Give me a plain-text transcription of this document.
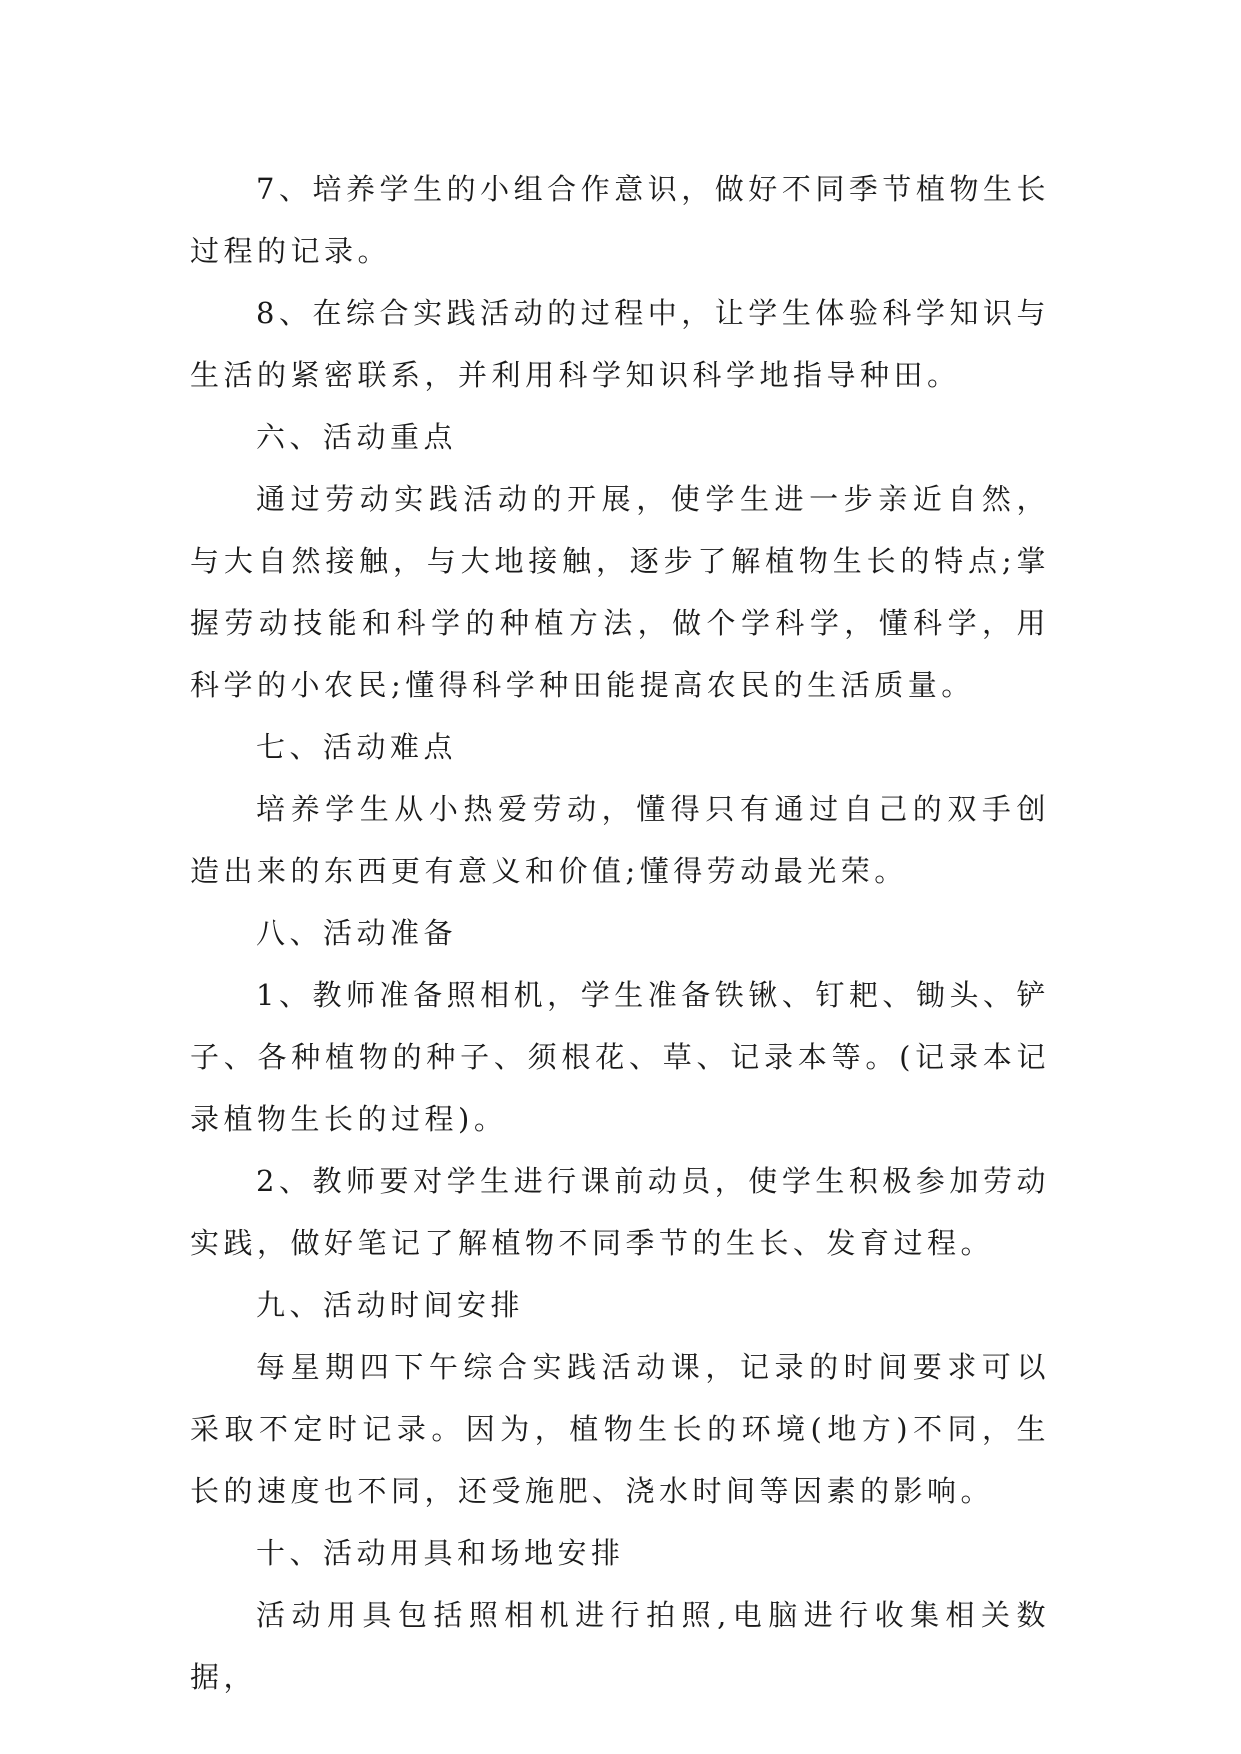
7、培养学生的小组合作意识，做好不同季节植物生长过程的记录。

8、在综合实践活动的过程中，让学生体验科学知识与生活的紧密联系，并利用科学知识科学地指导种田。

六、活动重点

通过劳动实践活动的开展，使学生进一步亲近自然，与大自然接触，与大地接触，逐步了解植物生长的特点;掌握劳动技能和科学的种植方法，做个学科学，懂科学，用科学的小农民;懂得科学种田能提高农民的生活质量。

七、活动难点

培养学生从小热爱劳动，懂得只有通过自己的双手创造出来的东西更有意义和价值;懂得劳动最光荣。

八、活动准备

1、教师准备照相机，学生准备铁锹、钉耙、锄头、铲子、各种植物的种子、须根花、草、记录本等。(记录本记录植物生长的过程)。

2、教师要对学生进行课前动员，使学生积极参加劳动实践，做好笔记了解植物不同季节的生长、发育过程。

九、活动时间安排

每星期四下午综合实践活动课，记录的时间要求可以采取不定时记录。因为，植物生长的环境(地方)不同，生长的速度也不同，还受施肥、浇水时间等因素的影响。

十、活动用具和场地安排

活动用具包括照相机进行拍照,电脑进行收集相关数据，
